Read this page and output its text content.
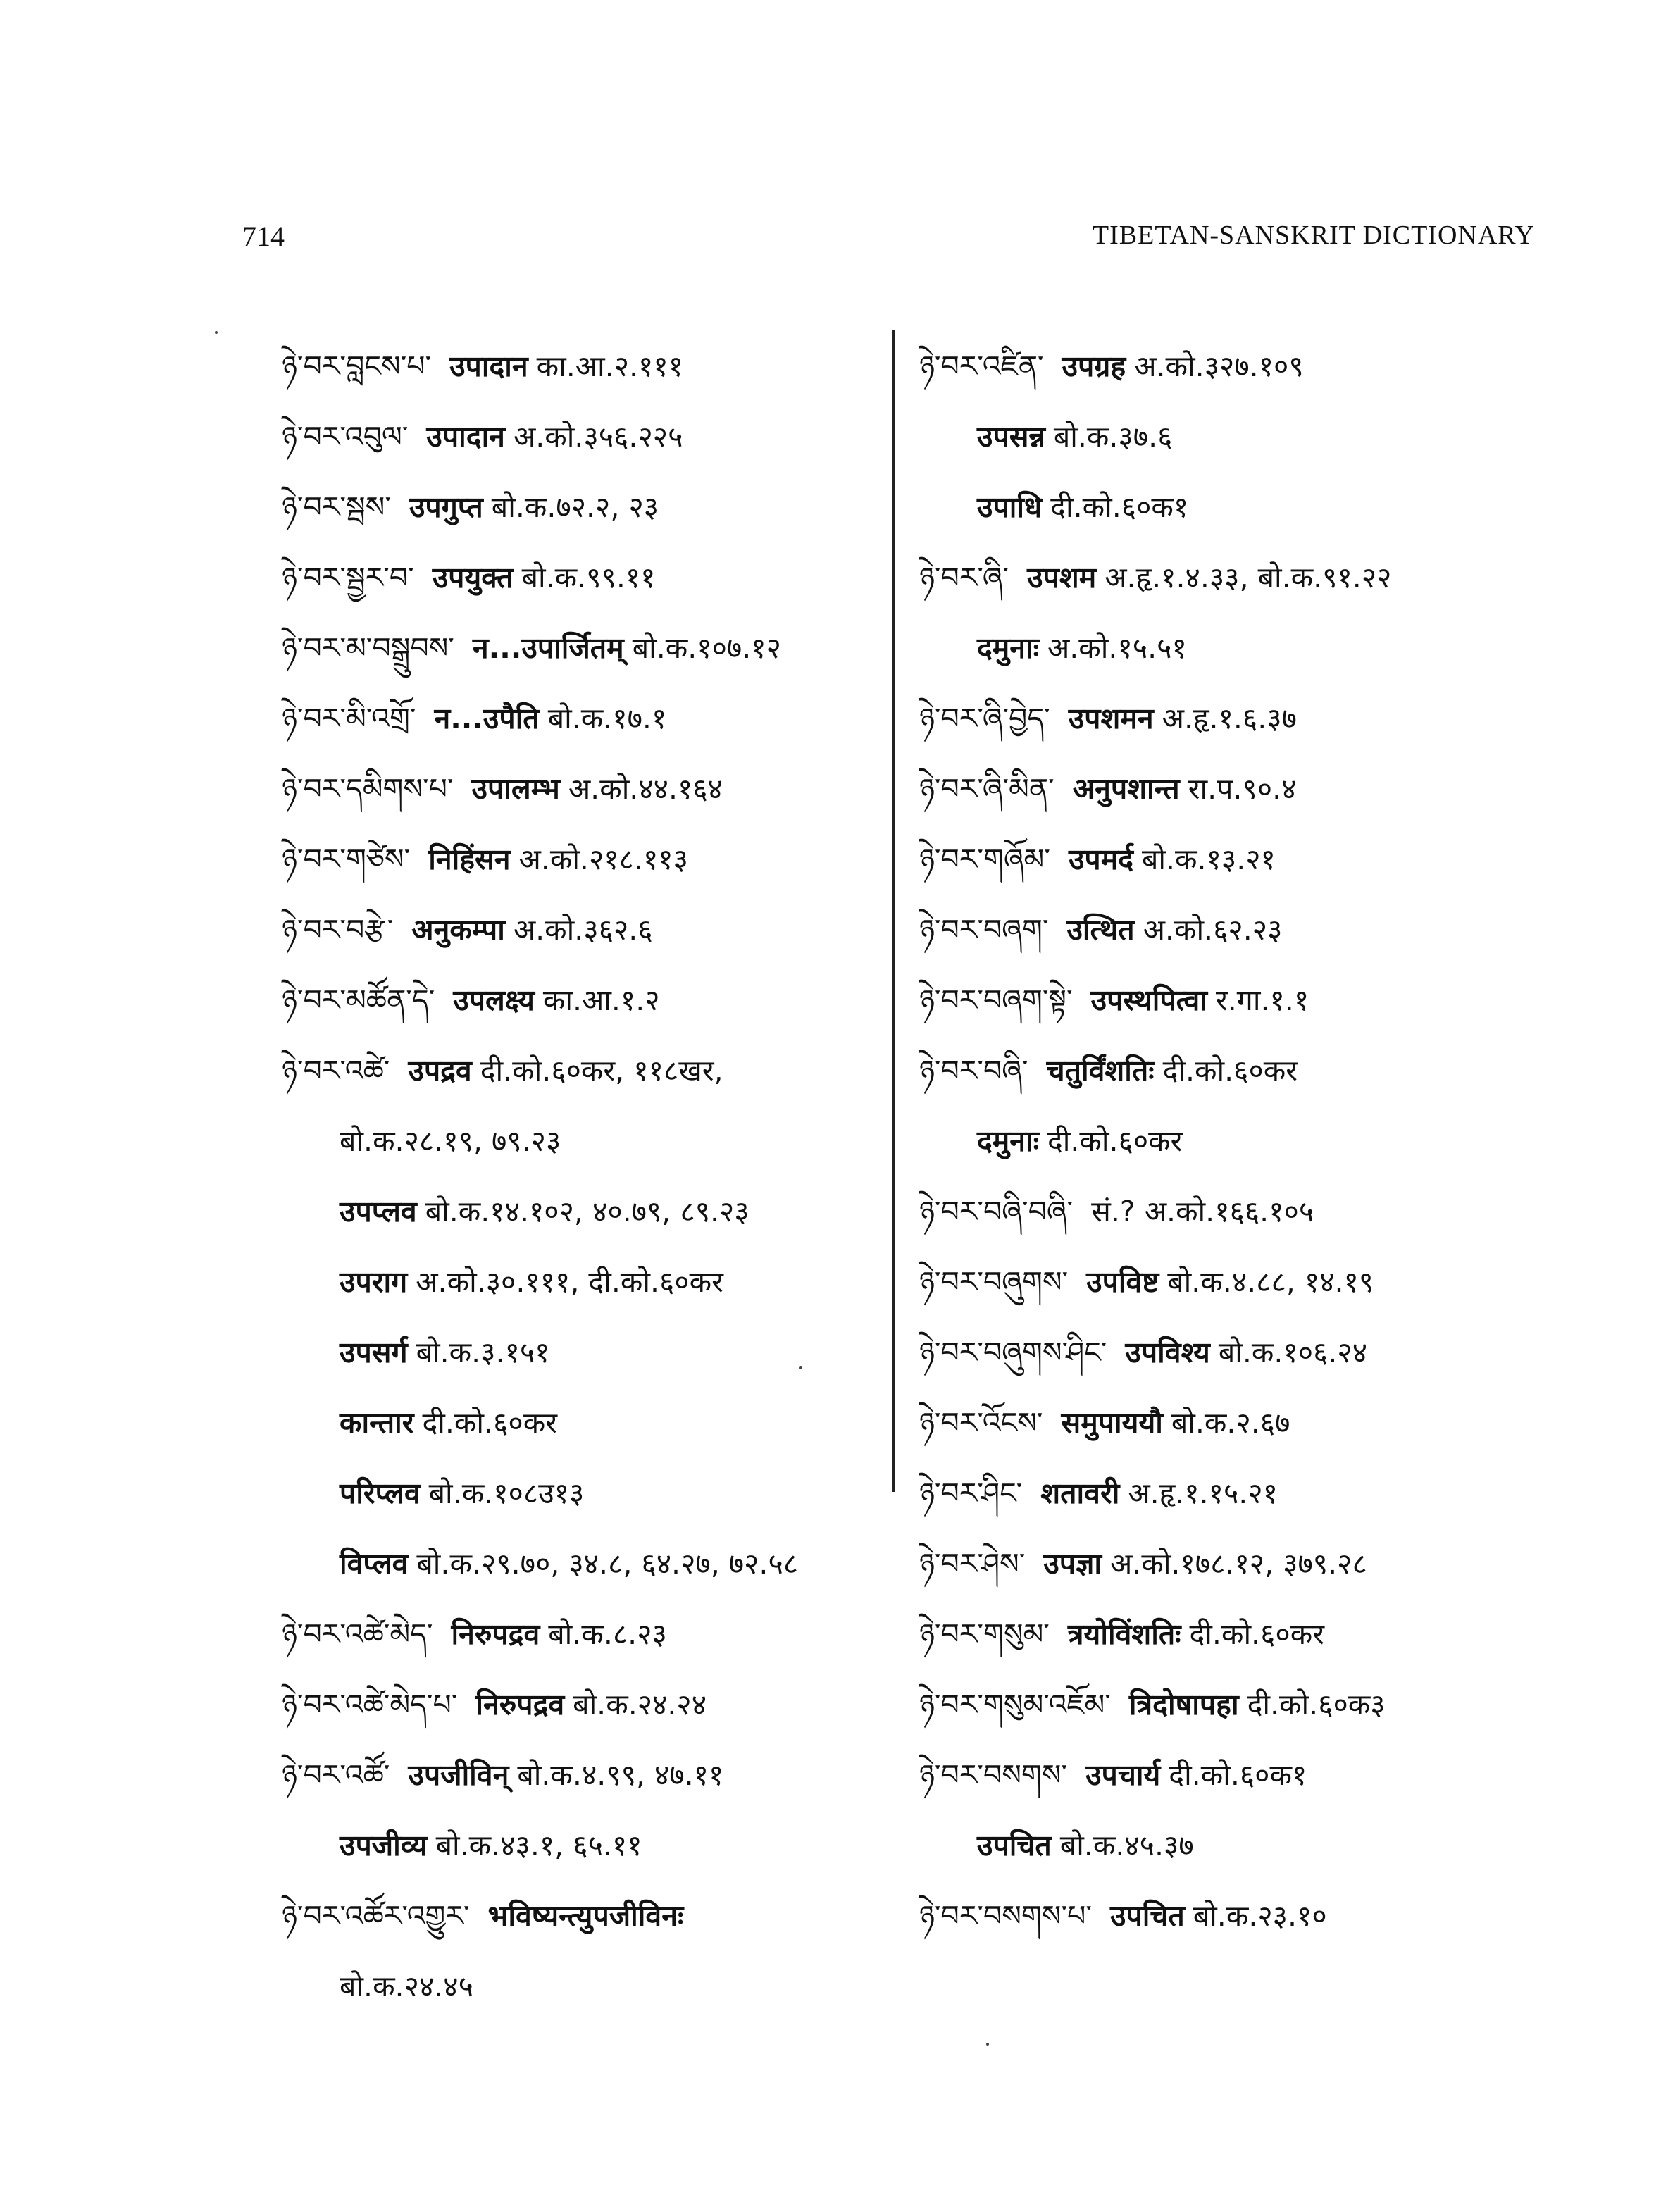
714	TIBETAN-SANSKRIT DICTIONARY
ཉེ་བར་བླངས་པ་ उपादान का.आ.२.१११
ཉེ་བར་འབུལ་ उपादान अ.को.३५६.२२५
ཉེ་བར་སྦས་ उपगुप्त बो.क.७२.२, २३
ཉེ་བར་སྦྱར་བ་ उपयुक्त बो.क.९९.११
ཉེ་བར་མ་བསྒྲུབས་ न...उपार्जितम् बो.क.१०७.१२
ཉེ་བར་མི་འགྲོ་ न...उपैति बो.क.१७.१
ཉེ་བར་དམིགས་པ་ उपालम्भ अ.को.४४.१६४
ཉེ་བར་གཙེས་ निहिंसन अ.को.२१८.११३
ཉེ་བར་བརྩེ་ अनुकम्पा अ.को.३६२.६
ཉེ་བར་མཚོན་དེ་ उपलक्ष्य का.आ.१.२
ཉེ་བར་འཚེ་ उपद्रव दी.को.६०कर, ११८खर,
बो.क.२८.१९, ७९.२३
उपप्लव बो.क.१४.१०२, ४०.७९, ८९.२३
उपराग अ.को.३०.१११, दी.को.६०कर
उपसर्ग बो.क.३.१५१
कान्तार दी.को.६०कर
परिप्लव बो.क.१०८उ१३
विप्लव बो.क.२९.७०, ३४.८, ६४.२७, ७२.५८
ཉེ་བར་འཚེ་མེད་ निरुपद्रव बो.क.८.२३
ཉེ་བར་འཚེ་མེད་པ་ निरुपद्रव बो.क.२४.२४
ཉེ་བར་འཚོ་ उपजीविन् बो.क.४.९९, ४७.११
उपजीव्य बो.क.४३.१, ६५.११
ཉེ་བར་འཚོར་འགྱུར་ भविष्यन्त्युपजीविनः
बो.क.२४.४५
ཉེ་བར་འཛིན་ उपग्रह अ.को.३२७.१०९
उपसन्न बो.क.३७.६
उपाधि दी.को.६०क१
ཉེ་བར་ཞི་ उपशम अ.हृ.१.४.३३, बो.क.९१.२२
दमुनाः अ.को.१५.५१
ཉེ་བར་ཞི་བྱེད་ उपशमन अ.हृ.१.६.३७
ཉེ་བར་ཞི་མིན་ अनुपशान्त रा.प.९०.४
ཉེ་བར་གཞོམ་ उपमर्द बो.क.१३.२१
ཉེ་བར་བཞག་ उत्थित अ.को.६२.२३
ཉེ་བར་བཞག་སྟེ་ उपस्थपित्वा र.गा.१.१
ཉེ་བར་བཞི་ चतुर्विंशतिः दी.को.६०कर
दमुनाः दी.को.६०कर
ཉེ་བར་བཞི་བཞི་ सं.? अ.को.१६६.१०५
ཉེ་བར་བཞུགས་ उपविष्ट बो.क.४.८८, १४.१९
ཉེ་བར་བཞུགས་ཤིང་ उपविश्य बो.क.१०६.२४
ཉེ་བར་འོངས་ समुपाययौ बो.क.२.६७
ཉེ་བར་ཤིང་ शतावरी अ.हृ.१.१५.२१
ཉེ་བར་ཤེས་ उपज्ञा अ.को.१७८.१२, ३७९.२८
ཉེ་བར་གསུམ་ त्रयोविंशतिः दी.को.६०कर
ཉེ་བར་གསུམ་འཇོམ་ त्रिदोषापहा दी.को.६०क३
ཉེ་བར་བསགས་ उपचार्य दी.को.६०क१
उपचित बो.क.४५.३७
ཉེ་བར་བསགས་པ་ उपचित बो.क.२३.१०
